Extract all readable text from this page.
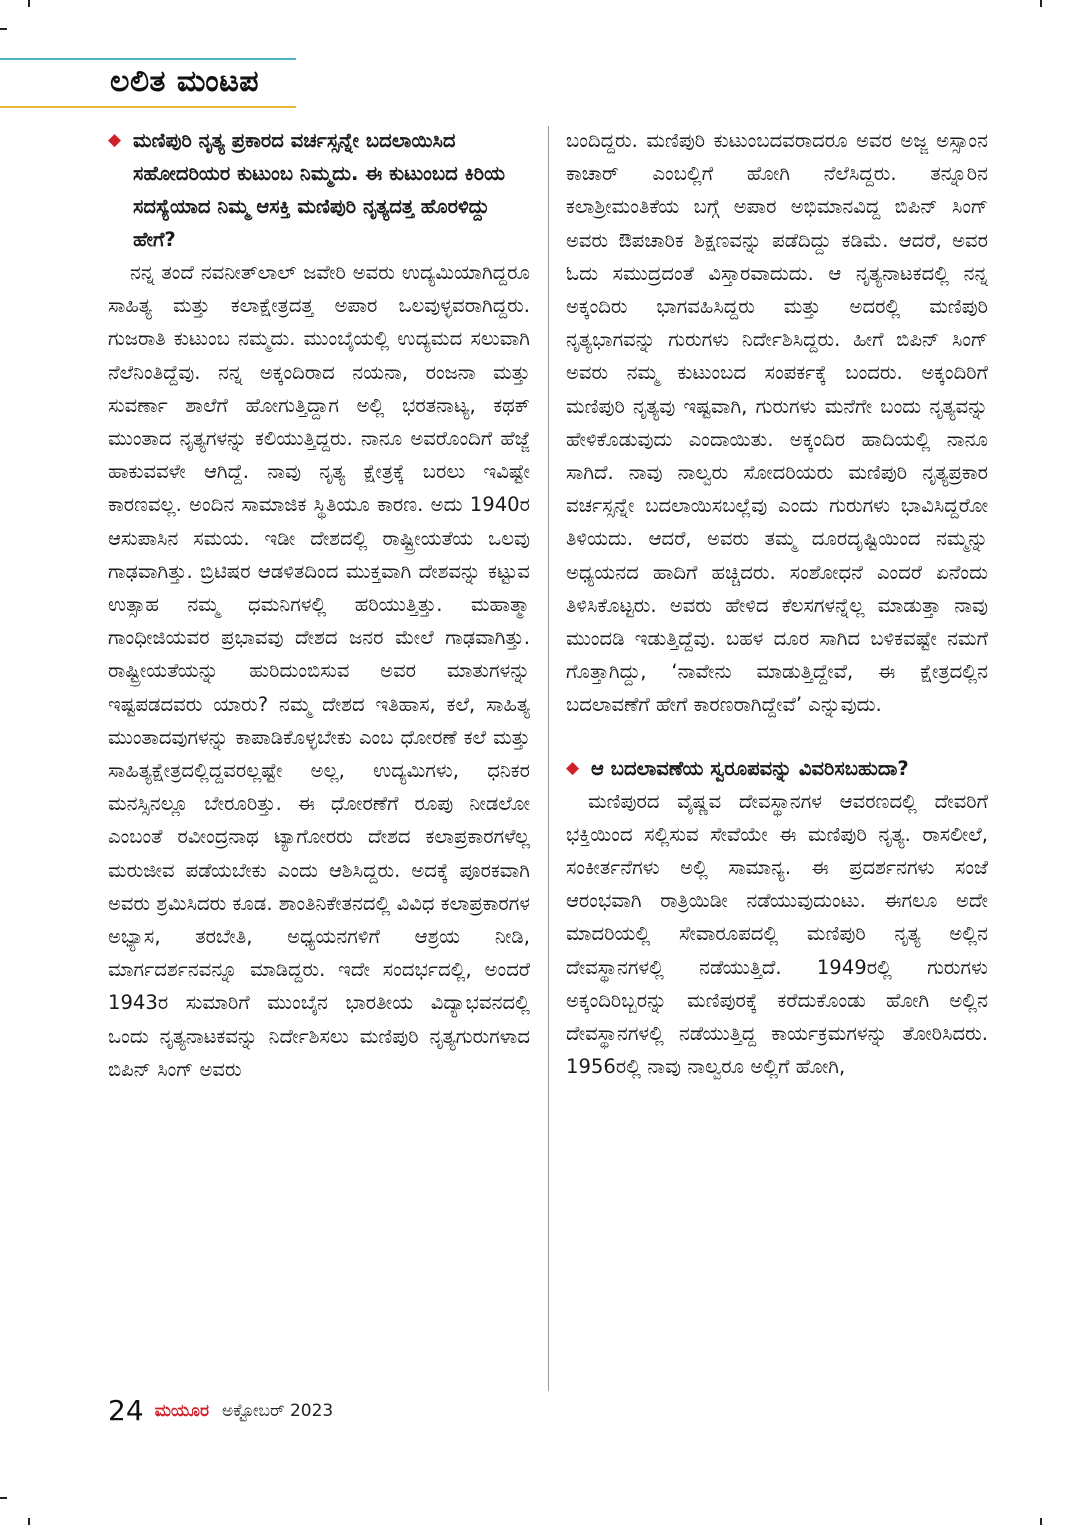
ಲಲಿತ ಮಂಟಪ
◆ ಮಣಿಪುರಿ ನೃತ್ಯ ಪ್ರಕಾರದ ವರ್ಚಸ್ಸನ್ನೇ ಬದಲಾಯಿಸಿದ ಸಹೋದರಿಯರ ಕುಟುಂಬ ನಿಮ್ಮದು. ಈ ಕುಟುಂಬದ ಕಿರಿಯ ಸದಸ್ಯೆಯಾದ ನಿಮ್ಮ ಆಸಕ್ತಿ ಮಣಿಪುರಿ ನೃತ್ಯದತ್ತ ಹೊರಳಿದ್ದು ಹೇಗೆ?

ನನ್ನ ತಂದೆ ನವನೀತ್‌ಲಾಲ್ ಜವೇರಿ ಅವರು ಉದ್ಯಮಿಯಾಗಿದ್ದರೂ ಸಾಹಿತ್ಯ ಮತ್ತು ಕಲಾಕ್ಷೇತ್ರದತ್ತ ಅಪಾರ ಒಲವುಳ್ಳವರಾಗಿದ್ದರು. ಗುಜರಾತಿ ಕುಟುಂಬ ನಮ್ಮದು. ಮುಂಬೈಯಲ್ಲಿ ಉದ್ಯಮದ ಸಲುವಾಗಿ ನೆಲೆನಿಂತಿದ್ದೆವು. ನನ್ನ ಅಕ್ಕಂದಿರಾದ ನಯನಾ, ರಂಜನಾ ಮತ್ತು ಸುವರ್ಣಾ ಶಾಲೆಗೆ ಹೋಗುತ್ತಿದ್ದಾಗ ಅಲ್ಲಿ ಭರತನಾಟ್ಯ, ಕಥಕ್ ಮುಂತಾದ ನೃತ್ಯಗಳನ್ನು ಕಲಿಯುತ್ತಿದ್ದರು. ನಾನೂ ಅವರೊಂದಿಗೆ ಹೆಜ್ಜೆ ಹಾಕುವವಳೇ ಆಗಿದ್ದೆ. ನಾವು ನೃತ್ಯ ಕ್ಷೇತ್ರಕ್ಕೆ ಬರಲು ಇವಿಷ್ಟೇ ಕಾರಣವಲ್ಲ. ಅಂದಿನ ಸಾಮಾಜಿಕ ಸ್ಥಿತಿಯೂ ಕಾರಣ. ಅದು 1940ರ ಆಸುಪಾಸಿನ ಸಮಯ. ಇಡೀ ದೇಶದಲ್ಲಿ ರಾಷ್ಟ್ರೀಯತೆಯ ಒಲವು ಗಾಢವಾಗಿತ್ತು. ಬ್ರಿಟಿಷರ ಆಡಳಿತದಿಂದ ಮುಕ್ತವಾಗಿ ದೇಶವನ್ನು ಕಟ್ಟುವ ಉತ್ಸಾಹ ನಮ್ಮ ಧಮನಿಗಳಲ್ಲಿ ಹರಿಯುತ್ತಿತ್ತು. ಮಹಾತ್ಮಾ ಗಾಂಧೀಜಿಯವರ ಪ್ರಭಾವವು ದೇಶದ ಜನರ ಮೇಲೆ ಗಾಢವಾಗಿತ್ತು. ರಾಷ್ಟ್ರೀಯತೆಯನ್ನು ಹುರಿದುಂಬಿಸುವ ಅವರ ಮಾತುಗಳನ್ನು ಇಷ್ಟಪಡದವರು ಯಾರು? ನಮ್ಮ ದೇಶದ ಇತಿಹಾಸ, ಕಲೆ, ಸಾಹಿತ್ಯ ಮುಂತಾದವುಗಳನ್ನು ಕಾಪಾಡಿಕೊಳ್ಳಬೇಕು ಎಂಬ ಧೋರಣೆ ಕಲೆ ಮತ್ತು ಸಾಹಿತ್ಯಕ್ಷೇತ್ರದಲ್ಲಿದ್ದವರಲ್ಲಷ್ಟೇ ಅಲ್ಲ, ಉದ್ಯಮಿಗಳು, ಧನಿಕರ ಮನಸ್ಸಿನಲ್ಲೂ ಬೇರೂರಿತ್ತು. ಈ ಧೋರಣೆಗೆ ರೂಪು ನೀಡಲೋ ಎಂಬಂತೆ ರವೀಂದ್ರನಾಥ ಟ್ಯಾಗೋರರು ದೇಶದ ಕಲಾಪ್ರಕಾರಗಳೆಲ್ಲ ಮರುಜೀವ ಪಡೆಯಬೇಕು ಎಂದು ಆಶಿಸಿದ್ದರು. ಅದಕ್ಕೆ ಪೂರಕವಾಗಿ ಅವರು ಶ್ರಮಿಸಿದರು ಕೂಡ. ಶಾಂತಿನಿಕೇತನದಲ್ಲಿ ವಿವಿಧ ಕಲಾಪ್ರಕಾರಗಳ ಅಭ್ಯಾಸ, ತರಬೇತಿ, ಅಧ್ಯಯನಗಳಿಗೆ ಆಶ್ರಯ ನೀಡಿ, ಮಾರ್ಗದರ್ಶನವನ್ನೂ ಮಾಡಿದ್ದರು. ಇದೇ ಸಂದರ್ಭದಲ್ಲಿ, ಅಂದರೆ 1943ರ ಸುಮಾರಿಗೆ ಮುಂಬೈನ ಭಾರತೀಯ ವಿದ್ಯಾಭವನದಲ್ಲಿ ಒಂದು ನೃತ್ಯನಾಟಕವನ್ನು ನಿರ್ದೇಶಿಸಲು ಮಣಿಪುರಿ ನೃತ್ಯಗುರುಗಳಾದ ಬಿಪಿನ್ ಸಿಂಗ್ ಅವರು

ಬಂದಿದ್ದರು. ಮಣಿಪುರಿ ಕುಟುಂಬದವರಾದರೂ ಅವರ ಅಜ್ಜ ಅಸ್ಸಾಂನ ಕಾಚಾರ್ ಎಂಬಲ್ಲಿಗೆ ಹೋಗಿ ನೆಲೆಸಿದ್ದರು. ತನ್ನೂರಿನ ಕಲಾಶ್ರೀಮಂತಿಕೆಯ ಬಗ್ಗೆ ಅಪಾರ ಅಭಿಮಾನವಿದ್ದ ಬಿಪಿನ್ ಸಿಂಗ್ ಅವರು ಔಪಚಾರಿಕ ಶಿಕ್ಷಣವನ್ನು ಪಡೆದಿದ್ದು ಕಡಿಮೆ. ಆದರೆ, ಅವರ ಓದು ಸಮುದ್ರದಂತೆ ವಿಸ್ತಾರವಾದುದು. ಆ ನೃತ್ಯನಾಟಕದಲ್ಲಿ ನನ್ನ ಅಕ್ಕಂದಿರು ಭಾಗವಹಿಸಿದ್ದರು ಮತ್ತು ಅದರಲ್ಲಿ ಮಣಿಪುರಿ ನೃತ್ಯಭಾಗವನ್ನು ಗುರುಗಳು ನಿರ್ದೇಶಿಸಿದ್ದರು. ಹೀಗೆ ಬಿಪಿನ್ ಸಿಂಗ್ ಅವರು ನಮ್ಮ ಕುಟುಂಬದ ಸಂಪರ್ಕಕ್ಕೆ ಬಂದರು. ಅಕ್ಕಂದಿರಿಗೆ ಮಣಿಪುರಿ ನೃತ್ಯವು ಇಷ್ಟವಾಗಿ, ಗುರುಗಳು ಮನೆಗೇ ಬಂದು ನೃತ್ಯವನ್ನು ಹೇಳಿಕೊಡುವುದು ಎಂದಾಯಿತು. ಅಕ್ಕಂದಿರ ಹಾದಿಯಲ್ಲಿ ನಾನೂ ಸಾಗಿದೆ. ನಾವು ನಾಲ್ವರು ಸೋದರಿಯರು ಮಣಿಪುರಿ ನೃತ್ಯಪ್ರಕಾರ ವರ್ಚಸ್ಸನ್ನೇ ಬದಲಾಯಿಸಬಲ್ಲೆವು ಎಂದು ಗುರುಗಳು ಭಾವಿಸಿದ್ದರೋ ತಿಳಿಯದು. ಆದರೆ, ಅವರು ತಮ್ಮ ದೂರದೃಷ್ಟಿಯಿಂದ ನಮ್ಮನ್ನು ಅಧ್ಯಯನದ ಹಾದಿಗೆ ಹಚ್ಚಿದರು. ಸಂಶೋಧನೆ ಎಂದರೆ ಏನೆಂದು ತಿಳಿಸಿಕೊಟ್ಟರು. ಅವರು ಹೇಳಿದ ಕೆಲಸಗಳನ್ನೆಲ್ಲ ಮಾಡುತ್ತಾ ನಾವು ಮುಂದಡಿ ಇಡುತ್ತಿದ್ದೆವು. ಬಹಳ ದೂರ ಸಾಗಿದ ಬಳಿಕವಷ್ಟೇ ನಮಗೆ ಗೊತ್ತಾಗಿದ್ದು, ‘ನಾವೇನು ಮಾಡುತ್ತಿದ್ದೇವೆ, ಈ ಕ್ಷೇತ್ರದಲ್ಲಿನ ಬದಲಾವಣೆಗೆ ಹೇಗೆ ಕಾರಣರಾಗಿದ್ದೇವೆ’ ಎನ್ನುವುದು.

◆ ಆ ಬದಲಾವಣೆಯ ಸ್ವರೂಪವನ್ನು ವಿವರಿಸಬಹುದಾ?

ಮಣಿಪುರದ ವೈಷ್ಣವ ದೇವಸ್ಥಾನಗಳ ಆವರಣದಲ್ಲಿ ದೇವರಿಗೆ ಭಕ್ತಿಯಿಂದ ಸಲ್ಲಿಸುವ ಸೇವೆಯೇ ಈ ಮಣಿಪುರಿ ನೃತ್ಯ. ರಾಸಲೀಲೆ, ಸಂಕೀರ್ತನೆಗಳು ಅಲ್ಲಿ ಸಾಮಾನ್ಯ. ಈ ಪ್ರದರ್ಶನಗಳು ಸಂಜೆ ಆರಂಭವಾಗಿ ರಾತ್ರಿಯಿಡೀ ನಡೆಯುವುದುಂಟು. ಈಗಲೂ ಅದೇ ಮಾದರಿಯಲ್ಲಿ ಸೇವಾರೂಪದಲ್ಲಿ ಮಣಿಪುರಿ ನೃತ್ಯ ಅಲ್ಲಿನ ದೇವಸ್ಥಾನಗಳಲ್ಲಿ ನಡೆಯುತ್ತಿದೆ. 1949ರಲ್ಲಿ ಗುರುಗಳು ಅಕ್ಕಂದಿರಿಬ್ಬರನ್ನು ಮಣಿಪುರಕ್ಕೆ ಕರೆದುಕೊಂಡು ಹೋಗಿ ಅಲ್ಲಿನ ದೇವಸ್ಥಾನಗಳಲ್ಲಿ ನಡೆಯುತ್ತಿದ್ದ ಕಾರ್ಯಕ್ರಮಗಳನ್ನು ತೋರಿಸಿದರು. 1956ರಲ್ಲಿ ನಾವು ನಾಲ್ವರೂ ಅಲ್ಲಿಗೆ ಹೋಗಿ,

24 ಮಯೂರ ಅಕ್ಟೋಬರ್ 2023
